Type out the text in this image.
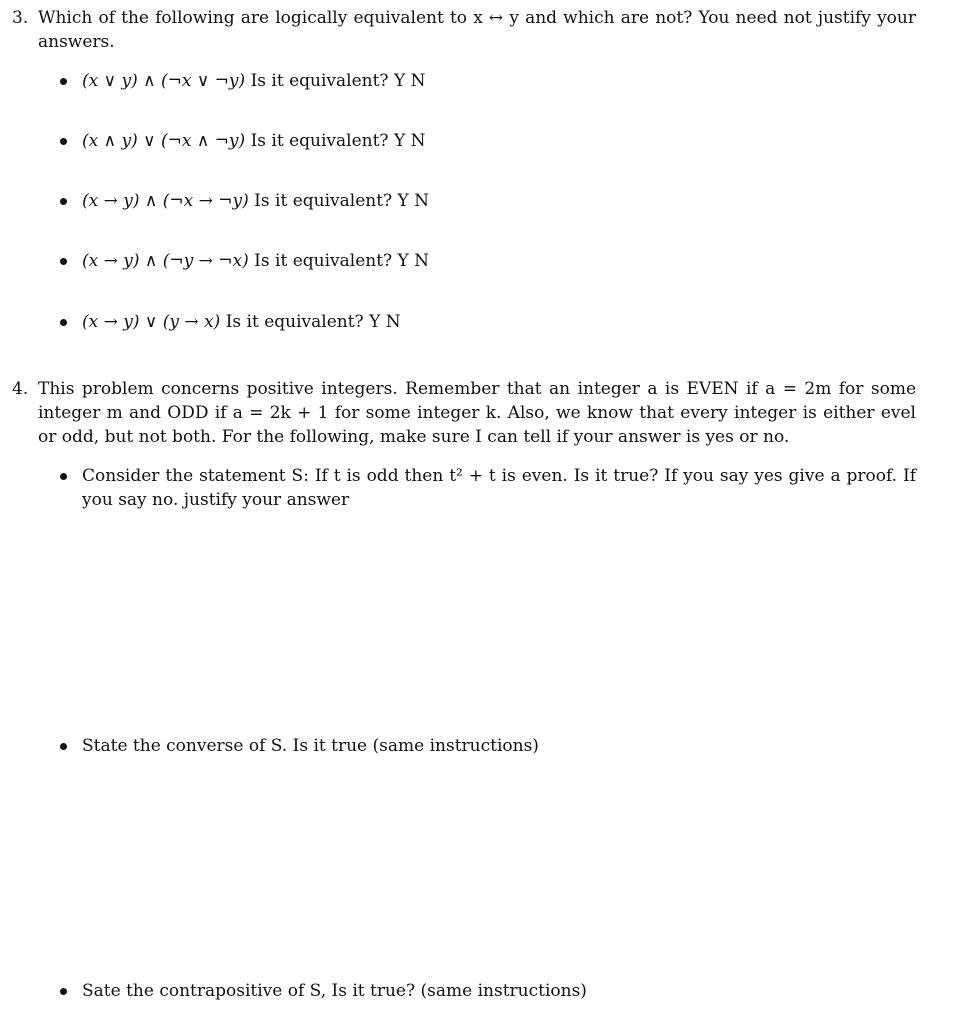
3. Which of the following are logically equivalent to x ↔ y and which are not? You need not justify your answers.
(x ∨ y) ∧ (¬x ∨ ¬y) Is it equivalent? Y N
(x ∧ y) ∨ (¬x ∧ ¬y) Is it equivalent? Y N
(x → y) ∧ (¬x → ¬y) Is it equivalent? Y N
(x → y) ∧ (¬y → ¬x) Is it equivalent? Y N
(x → y) ∨ (y → x) Is it equivalent? Y N
4. This problem concerns positive integers. Remember that an integer a is EVEN if a = 2m for some integer m and ODD if a = 2k + 1 for some integer k. Also, we know that every integer is either evel or odd, but not both. For the following, make sure I can tell if your answer is yes or no.
Consider the statement S: If t is odd then t² + t is even. Is it true? If you say yes give a proof. If you say no. justify your answer
State the converse of S. Is it true (same instructions)
Sate the contrapositive of S, Is it true? (same instructions)
